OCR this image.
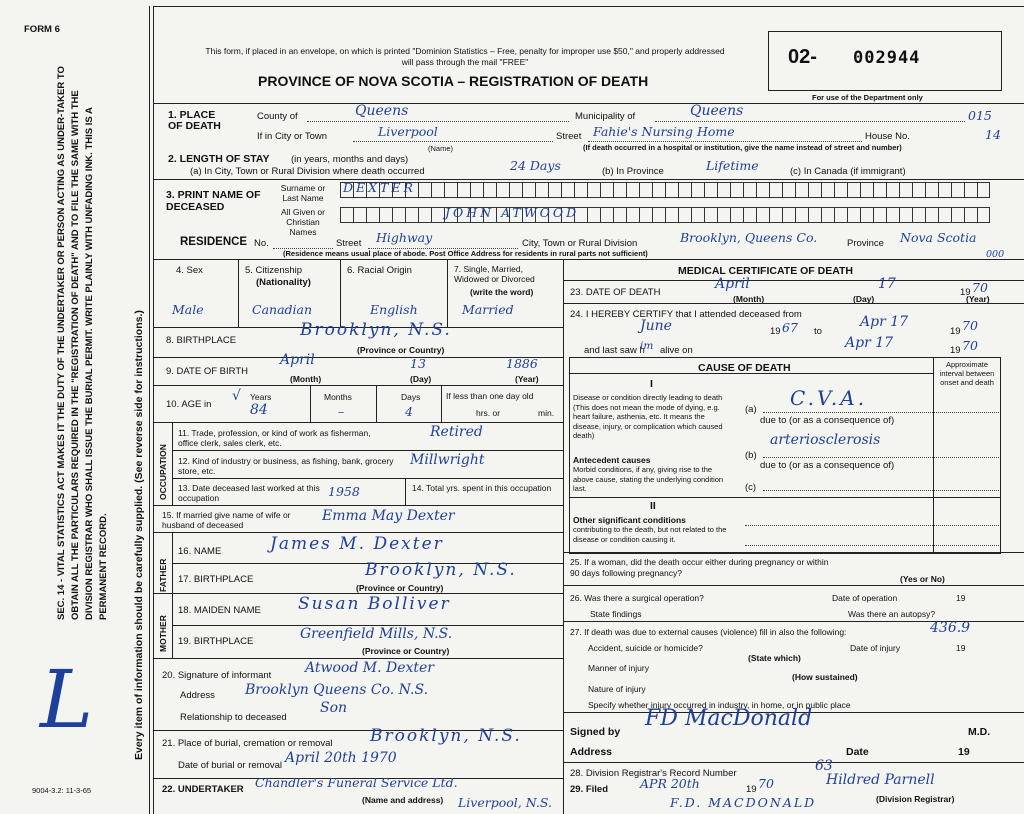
FORM 6
SEC. 14 - VITAL STATISTICS ACT MAKES IT THE DUTY OF THE UNDERTAKER OR PERSON ACTING AS UNDER-TAKER TO OBTAIN ALL THE PARTICULARS REQUIRED IN THE "REGISTRATION OF DEATH" AND TO FILE THE SAME WITH THE DIVISION REGISTRAR WHO SHALL ISSUE THE BURIAL PERMIT. WRITE PLAINLY WITH UNFADING INK. THIS IS A PERMANENT RECORD. Every item of information should be carefully supplied. (See reverse side for instructions.)
L
9004-3.2: 11-3-65
This form, if placed in an envelope, on which is printed "Dominion Statistics – Free, penalty for improper use $50," and properly addressed will pass through the mail "FREE"
PROVINCE OF NOVA SCOTIA – REGISTRATION OF DEATH
02- 002944
For use of the Department only
1. PLACE OF DEATH
County of	Queens	Municipality of	Queens	015
If in City or Town	Liverpool	Street Fahie's Nursing Home	House No.	14
(Name)	(If death occurred in a hospital or institution, give the name instead of street and number)
2. LENGTH OF STAY (in years, months and days)
(a) In City, Town or Rural Division where death occurred	24 Days	(b) In Province	Lifetime	(c) In Canada (if immigrant)
3. PRINT NAME OF DECEASED
Surname or Last Name
All Given or Christian Names
DEXTER
JOHN ATWOOD
RESIDENCE No.	Street Highway	City, Town or Rural Division	Brooklyn, Queens Co.	Province Nova Scotia
000
(Residence means usual place of abode. Post Office Address for residents in rural parts not sufficient)
4. Sex
Male
5. Citizenship
(Nationality)
Canadian
6. Racial Origin
English
7. Single, Married, Widowed or Divorced
(write the word)
Married
8. BIRTHPLACE
Brooklyn, N.S.
(Province or Country)
9. DATE OF BIRTH
April	13	1886
(Month)	(Day)	(Year)
10. AGE in
√ Years
84
Months
–
Days
4
If less than one day old
hrs. or	min.
OCCUPATION
11. Trade, profession, or kind of work as fisherman, office clerk, sales clerk, etc.
Retired
12. Kind of industry or business, as fishing, bank, grocery store, etc.
Millwright
13. Date deceased last worked at this occupation	1958	14. Total yrs. spent in this occupation
15. If married give name of wife or husband of deceased
Emma May Dexter
FATHER
16. NAME	James M. Dexter
17. BIRTHPLACE	Brooklyn, N.S.
(Province or Country)
MOTHER
18. MAIDEN NAME Susan Bolliver
19. BIRTHPLACE	Greenfield Mills, N.S.
(Province or Country)
20. Signature of informant Atwood M. Dexter
Address Brooklyn Queens Co. N.S.
Relationship to deceased
Son
21. Place of burial, cremation or removal Brooklyn, N.S.
Date of burial or removal April 20th 1970
22. UNDERTAKER Chandler's Funeral Service Ltd.
Liverpool, N.S.
(Name and address)
MEDICAL CERTIFICATE OF DEATH
23. DATE OF DEATH
April	17
19 70
(Month)	(Day)	(Year)
24. I HEREBY CERTIFY that I attended deceased from
June	19 67 to
Apr 17
19 70
and last saw h
im alive on	Apr 17	19 70
CAUSE OF DEATH	Approximate interval between onset and death
I
Disease or condition directly leading to death (This does not mean the mode of dying, e.g. heart failure, asthenia, etc. It means the disease, injury, or complication which caused death)
(a) C.V.A.
due to (or as a consequence of)
Antecedent causes
Morbid conditions, if any, giving rise to the above cause, stating the underlying condition last.
(b)
arteriosclerosis
due to (or as a consequence of)
(c)
II
Other significant conditions
contributing to the death, but not related to the disease or condition causing it.
25. If a woman, did the death occur either during pregnancy or within 90 days following pregnancy?
(Yes or No)
26. Was there a surgical operation?	Date of operation	19
State findings	Was there an autopsy?
27. If death was due to external causes (violence) fill in also the following:	436.9
Accident, suicide or homicide?	Date of injury	19
(State which)
Manner of injury
(How sustained)
Nature of injury
Specify whether injury occurred in industry, in home, or in public place
Signed by
FD MacDonald
M.D.
Address	Date	19
28. Division Registrar's Record Number	63
29. Filed	APR 20th	19 70	Hildred Parnell
(Division Registrar)
F.D. MACDONALD
